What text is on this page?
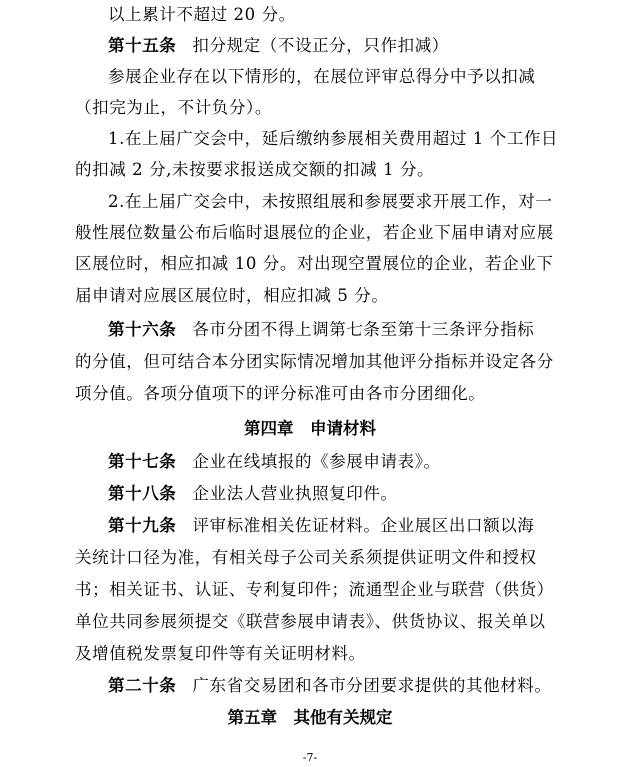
以上累计不超过 20 分。
第十五条 扣分规定（不设正分，只作扣减）
参展企业存在以下情形的，在展位评审总得分中予以扣减
（扣完为止，不计负分）。
1.在上届广交会中，延后缴纳参展相关费用超过 1 个工作日
的扣减 2 分,未按要求报送成交额的扣减 1 分。
2.在上届广交会中，未按照组展和参展要求开展工作，对一
般性展位数量公布后临时退展位的企业，若企业下届申请对应展
区展位时，相应扣减 10 分。对出现空置展位的企业，若企业下
届申请对应展区展位时，相应扣减 5 分。
第十六条 各市分团不得上调第七条至第十三条评分指标
的分值，但可结合本分团实际情况增加其他评分指标并设定各分
项分值。各项分值项下的评分标准可由各市分团细化。
第四章　申请材料
第十七条 企业在线填报的《参展申请表》。
第十八条 企业法人营业执照复印件。
第十九条 评审标准相关佐证材料。企业展区出口额以海
关统计口径为准，有相关母子公司关系须提供证明文件和授权
书；相关证书、认证、专利复印件；流通型企业与联营（供货）
单位共同参展须提交《联营参展申请表》、供货协议、报关单以
及增值税发票复印件等有关证明材料。
第二十条 广东省交易团和各市分团要求提供的其他材料。
第五章　其他有关规定
-7-
